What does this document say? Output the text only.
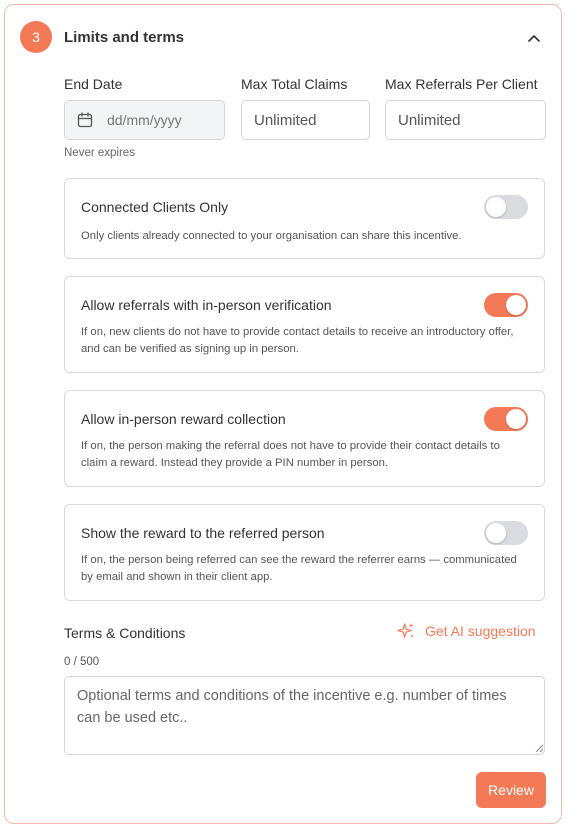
3	Limits and terms
End Date	Max Total Claims	Max Referrals Per Client
dd/mm/yyyy	Unlimited	Unlimited
Never expires
Connected Clients Only
Only clients already connected to your organisation can share this incentive.
Allow referrals with in-person verification
If on, new clients do not have to provide contact details to receive an introductory offer, and can be verified as signing up in person.
Allow in-person reward collection
If on, the person making the referral does not have to provide their contact details to claim a reward. Instead they provide a PIN number in person.
Show the reward to the referred person
If on, the person being referred can see the reward the referrer earns — communicated by email and shown in their client app.
Terms & Conditions	Get AI suggestion
0 / 500
Optional terms and conditions of the incentive e.g. number of times can be used etc..
Review
